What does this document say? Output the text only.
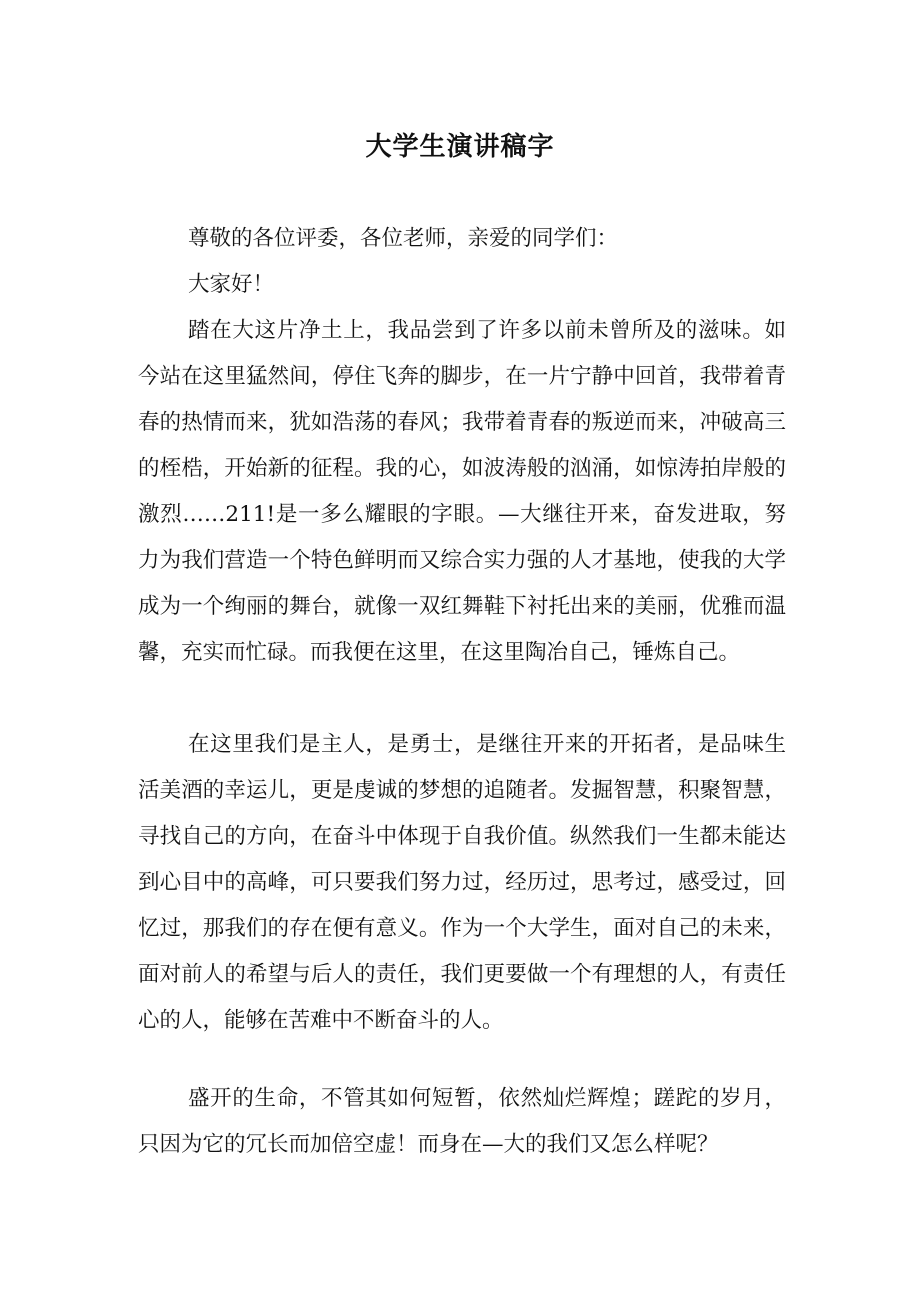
大学生演讲稿字

尊敬的各位评委，各位老师，亲爱的同学们：

大家好！

踏在大这片净土上，我品尝到了许多以前未曾所及的滋味。如今站在这里猛然间，停住飞奔的脚步，在一片宁静中回首，我带着青春的热情而来，犹如浩荡的春风；我带着青春的叛逆而来，冲破高三的桎梏，开始新的征程。我的心，如波涛般的汹涌，如惊涛拍岸般的激烈……211!是一多么耀眼的字眼。—大继往开来，奋发进取，努力为我们营造一个特色鲜明而又综合实力强的人才基地，使我的大学成为一个绚丽的舞台，就像一双红舞鞋下衬托出来的美丽，优雅而温馨，充实而忙碌。而我便在这里，在这里陶冶自己，锤炼自己。

在这里我们是主人，是勇士，是继往开来的开拓者，是品味生活美酒的幸运儿，更是虔诚的梦想的追随者。发掘智慧，积聚智慧，寻找自己的方向，在奋斗中体现于自我价值。纵然我们一生都未能达到心目中的高峰，可只要我们努力过，经历过，思考过，感受过，回忆过，那我们的存在便有意义。作为一个大学生，面对自己的未来，面对前人的希望与后人的责任，我们更要做一个有理想的人，有责任心的人，能够在苦难中不断奋斗的人。

盛开的生命，不管其如何短暂，依然灿烂辉煌；蹉跎的岁月，只因为它的冗长而加倍空虚！而身在—大的我们又怎么样呢？
